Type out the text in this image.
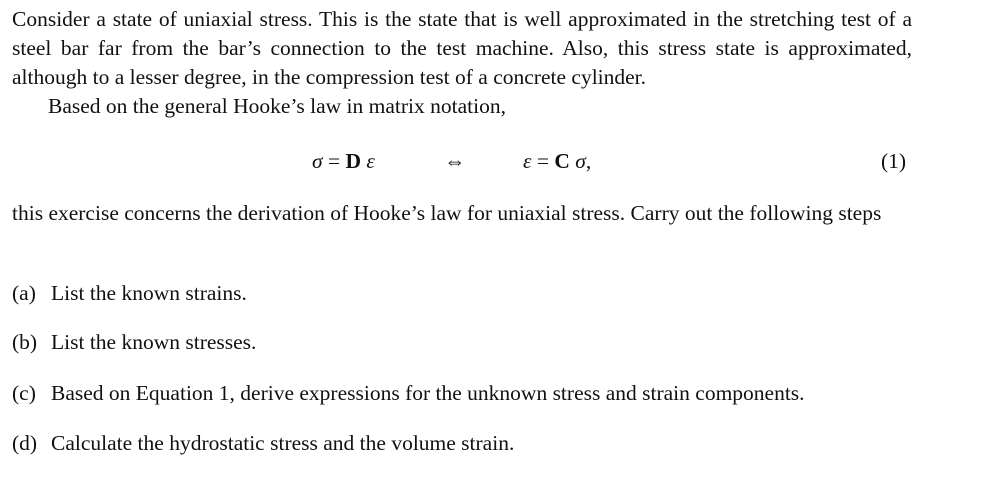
Consider a state of uniaxial stress. This is the state that is well approximated in the stretching test of a steel bar far from the bar’s connection to the test machine. Also, this stress state is approximated, although to a lesser degree, in the compression test of a concrete cylinder.
Based on the general Hooke’s law in matrix notation,
σ = D ε	⇔	ε = C σ,	(1)
this exercise concerns the derivation of Hooke’s law for uniaxial stress. Carry out the following steps
(a) List the known strains.
(b) List the known stresses.
(c) Based on Equation 1, derive expressions for the unknown stress and strain components.
(d) Calculate the hydrostatic stress and the volume strain.
